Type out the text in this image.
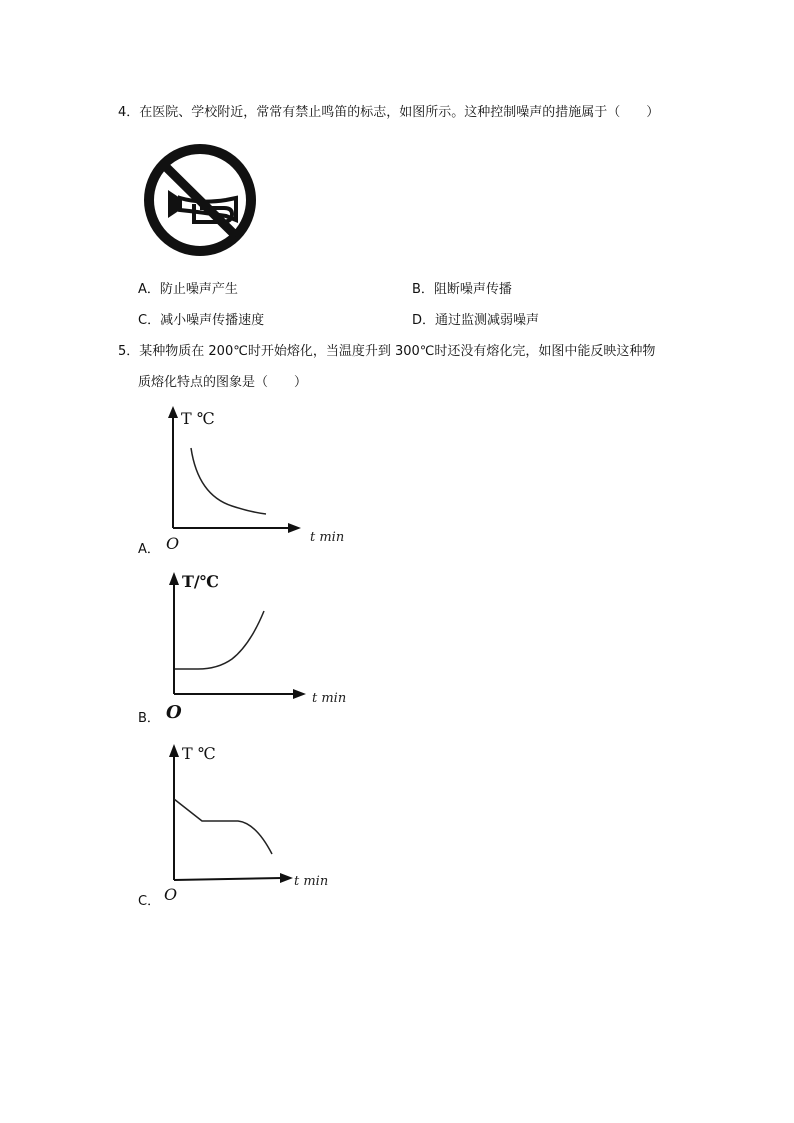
4．在医院、学校附近，常常有禁止鸣笛的标志，如图所示。这种控制噪声的措施属于（　　）
A．防止噪声产生	B．阻断噪声传播
C．减小噪声传播速度	D．通过监测减弱噪声
5．某种物质在 200℃时开始熔化，当温度升到 300℃时还没有熔化完，如图中能反映这种物
质熔化特点的图象是（　　）
T ℃
t min
O
A．
T/℃
t min
O
B．
T ℃
t min
O
C．
